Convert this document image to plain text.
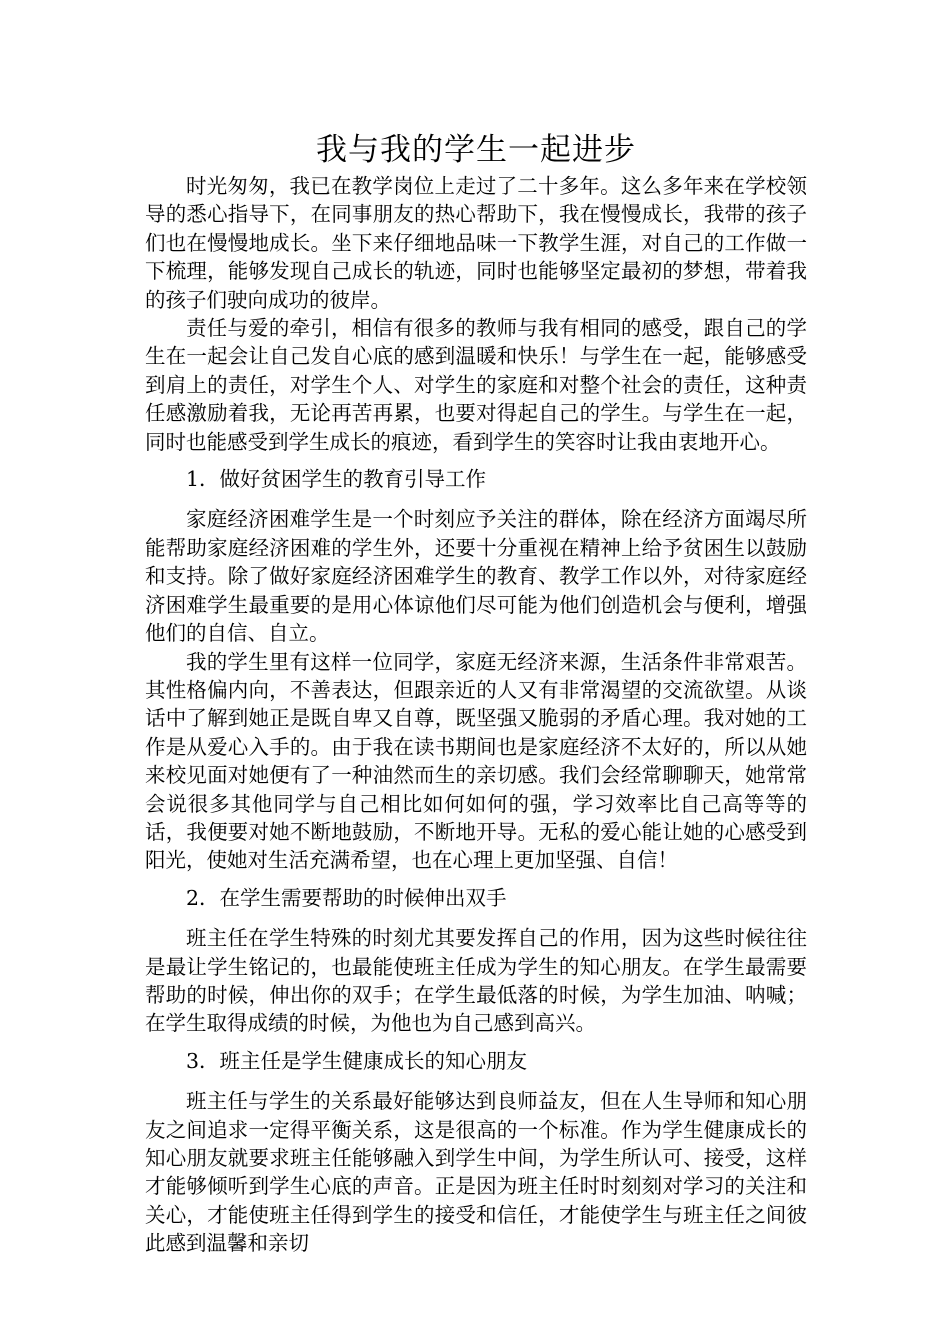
我与我的学生一起进步

时光匆匆，我已在教学岗位上走过了二十多年。这么多年来在学校领导的悉心指导下，在同事朋友的热心帮助下，我在慢慢成长，我带的孩子们也在慢慢地成长。坐下来仔细地品味一下教学生涯，对自己的工作做一下梳理，能够发现自己成长的轨迹，同时也能够坚定最初的梦想，带着我的孩子们驶向成功的彼岸。

责任与爱的牵引，相信有很多的教师与我有相同的感受，跟自己的学生在一起会让自己发自心底的感到温暖和快乐！与学生在一起，能够感受到肩上的责任，对学生个人、对学生的家庭和对整个社会的责任，这种责任感激励着我，无论再苦再累，也要对得起自己的学生。与学生在一起，同时也能感受到学生成长的痕迹，看到学生的笑容时让我由衷地开心。

1．做好贫困学生的教育引导工作

家庭经济困难学生是一个时刻应予关注的群体，除在经济方面竭尽所能帮助家庭经济困难的学生外，还要十分重视在精神上给予贫困生以鼓励和支持。除了做好家庭经济困难学生的教育、教学工作以外，对待家庭经济困难学生最重要的是用心体谅他们尽可能为他们创造机会与便利，增强他们的自信、自立。

我的学生里有这样一位同学，家庭无经济来源，生活条件非常艰苦。其性格偏内向，不善表达，但跟亲近的人又有非常渴望的交流欲望。从谈话中了解到她正是既自卑又自尊，既坚强又脆弱的矛盾心理。我对她的工作是从爱心入手的。由于我在读书期间也是家庭经济不太好的，所以从她来校见面对她便有了一种油然而生的亲切感。我们会经常聊聊天，她常常会说很多其他同学与自己相比如何如何的强，学习效率比自己高等等的话，我便要对她不断地鼓励，不断地开导。无私的爱心能让她的心感受到阳光，使她对生活充满希望，也在心理上更加坚强、自信！

2．在学生需要帮助的时候伸出双手

班主任在学生特殊的时刻尤其要发挥自己的作用，因为这些时候往往是最让学生铭记的，也最能使班主任成为学生的知心朋友。在学生最需要帮助的时候，伸出你的双手；在学生最低落的时候，为学生加油、呐喊；在学生取得成绩的时候，为他也为自己感到高兴。

3．班主任是学生健康成长的知心朋友

班主任与学生的关系最好能够达到良师益友，但在人生导师和知心朋友之间追求一定得平衡关系，这是很高的一个标准。作为学生健康成长的知心朋友就要求班主任能够融入到学生中间，为学生所认可、接受，这样才能够倾听到学生心底的声音。正是因为班主任时时刻刻对学习的关注和关心，才能使班主任得到学生的接受和信任，才能使学生与班主任之间彼此感到温馨和亲切
